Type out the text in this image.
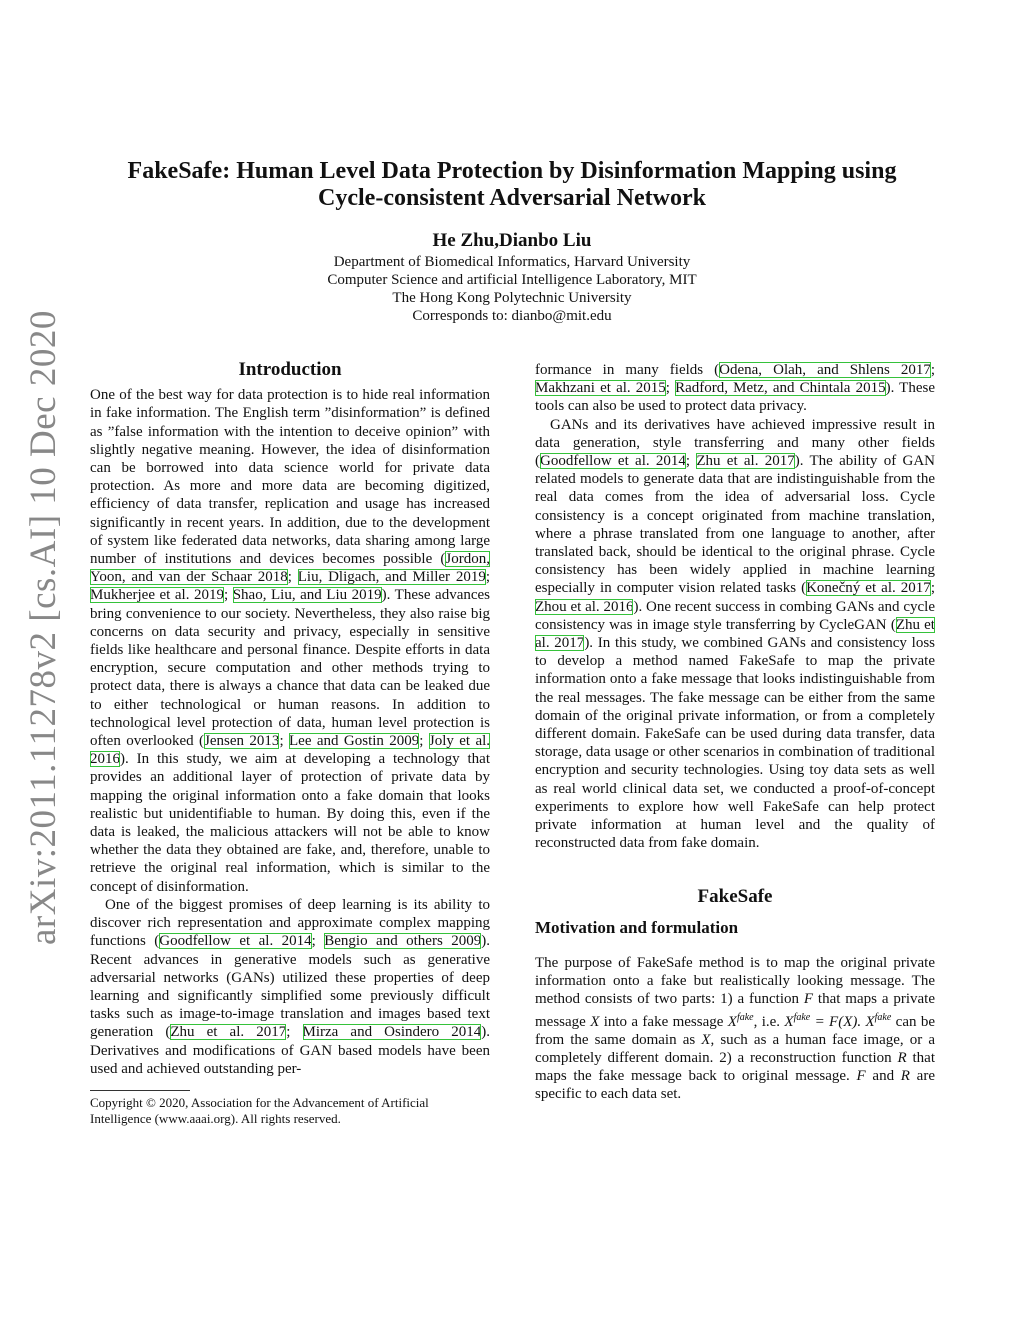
arXiv:2011.11278v2 [cs.AI] 10 Dec 2020
FakeSafe: Human Level Data Protection by Disinformation Mapping using
Cycle-consistent Adversarial Network
He Zhu,Dianbo Liu
Department of Biomedical Informatics, Harvard University
Computer Science and artificial Intelligence Laboratory, MIT
The Hong Kong Polytechnic University
Corresponds to: dianbo@mit.edu
Introduction

One of the best way for data protection is to hide real information in fake information. The English term ”disinformation” is defined as ”false information with the intention to deceive opinion” with slightly negative meaning. However, the idea of disinformation can be borrowed into data science world for private data protection. As more and more data are becoming digitized, efficiency of data transfer, replication and usage has increased significantly in recent years. In addition, due to the development of system like federated data networks, data sharing among large number of institutions and devices becomes possible (Jordon, Yoon, and van der Schaar 2018; Liu, Dligach, and Miller 2019; Mukherjee et al. 2019; Shao, Liu, and Liu 2019). These advances bring convenience to our society. Nevertheless, they also raise big concerns on data security and privacy, especially in sensitive fields like healthcare and personal finance. Despite efforts in data encryption, secure computation and other methods trying to protect data, there is always a chance that data can be leaked due to either technological or human reasons. In addition to technological level protection of data, human level protection is often overlooked (Jensen 2013; Lee and Gostin 2009; Joly et al. 2016). In this study, we aim at developing a technology that provides an additional layer of protection of private data by mapping the original information onto a fake domain that looks realistic but unidentifiable to human. By doing this, even if the data is leaked, the malicious attackers will not be able to know whether the data they obtained are fake, and, therefore, unable to retrieve the original real information, which is similar to the concept of disinformation.

One of the biggest promises of deep learning is its ability to discover rich representation and approximate complex mapping functions (Goodfellow et al. 2014; Bengio and others 2009). Recent advances in generative models such as generative adversarial networks (GANs) utilized these properties of deep learning and significantly simplified some previously difficult tasks such as image-to-image translation and images based text generation (Zhu et al. 2017; Mirza and Osindero 2014). Derivatives and modifications of GAN based models have been used and achieved outstanding per-

Copyright © 2020, Association for the Advancement of Artificial Intelligence (www.aaai.org). All rights reserved.

formance in many fields (Odena, Olah, and Shlens 2017; Makhzani et al. 2015; Radford, Metz, and Chintala 2015). These tools can also be used to protect data privacy.

GANs and its derivatives have achieved impressive result in data generation, style transferring and many other fields (Goodfellow et al. 2014; Zhu et al. 2017). The ability of GAN related models to generate data that are indistinguishable from the real data comes from the idea of adversarial loss. Cycle consistency is a concept originated from machine translation, where a phrase translated from one language to another, after translated back, should be identical to the original phrase. Cycle consistency has been widely applied in machine learning especially in computer vision related tasks (Konečný et al. 2017; Zhou et al. 2016). One recent success in combing GANs and cycle consistency was in image style transferring by CycleGAN (Zhu et al. 2017). In this study, we combined GANs and consistency loss to develop a method named FakeSafe to map the private information onto a fake message that looks indistinguishable from the real messages. The fake message can be either from the same domain of the original private information, or from a completely different domain. FakeSafe can be used during data transfer, data storage, data usage or other scenarios in combination of traditional encryption and security technologies. Using toy data sets as well as real world clinical data set, we conducted a proof-of-concept experiments to explore how well FakeSafe can help protect private information at human level and the quality of reconstructed data from fake domain.

FakeSafe
Motivation and formulation

The purpose of FakeSafe method is to map the original private information onto a fake but realistically looking message. The method consists of two parts: 1) a function F that maps a private message X into a fake message $X^{fake}$, i.e. $X^{fake} = F(X)$. $X^{fake}$ can be from the same domain as X, such as a human face image, or a completely different domain. 2) a reconstruction function R that maps the fake message back to original message. F and R are specific to each data set.
